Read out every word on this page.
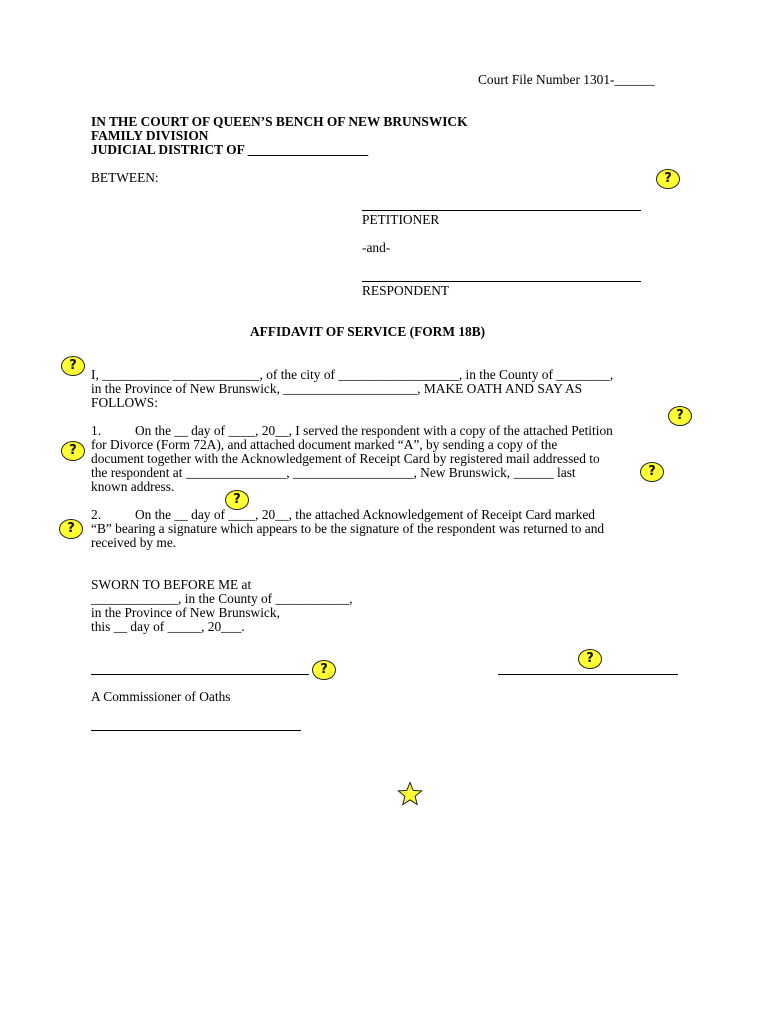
Court File Number 1301-______
IN THE COURT OF QUEEN’S BENCH OF NEW BRUNSWICK
FAMILY DIVISION
JUDICIAL DISTRICT OF __________________
BETWEEN:	?
PETITIONER
-and-
RESPONDENT
AFFIDAVIT OF SERVICE (FORM 18B)
?
I, __________ _____________, of the city of __________________, in the County of ________,
in the Province of New Brunswick, ____________________, MAKE OATH AND SAY AS
FOLLOWS:
?
1.	On the __ day of ____, 20__, I served the respondent with a copy of the attached Petition
?	for Divorce (Form 72A), and attached document marked “A”, by sending a copy of the
document together with the Acknowledgement of Receipt Card by registered mail addressed to
the respondent at _______________, __________________, New Brunswick, ______ last	?
known address.
?
2.	On the __ day of ____, 20__, the attached Acknowledgement of Receipt Card marked
?	“B” bearing a signature which appears to be the signature of the respondent was returned to and
received by me.
SWORN TO BEFORE ME at
_____________, in the County of ___________,
in the Province of New Brunswick,
this __ day of _____, 20___.
?
?
A Commissioner of Oaths
